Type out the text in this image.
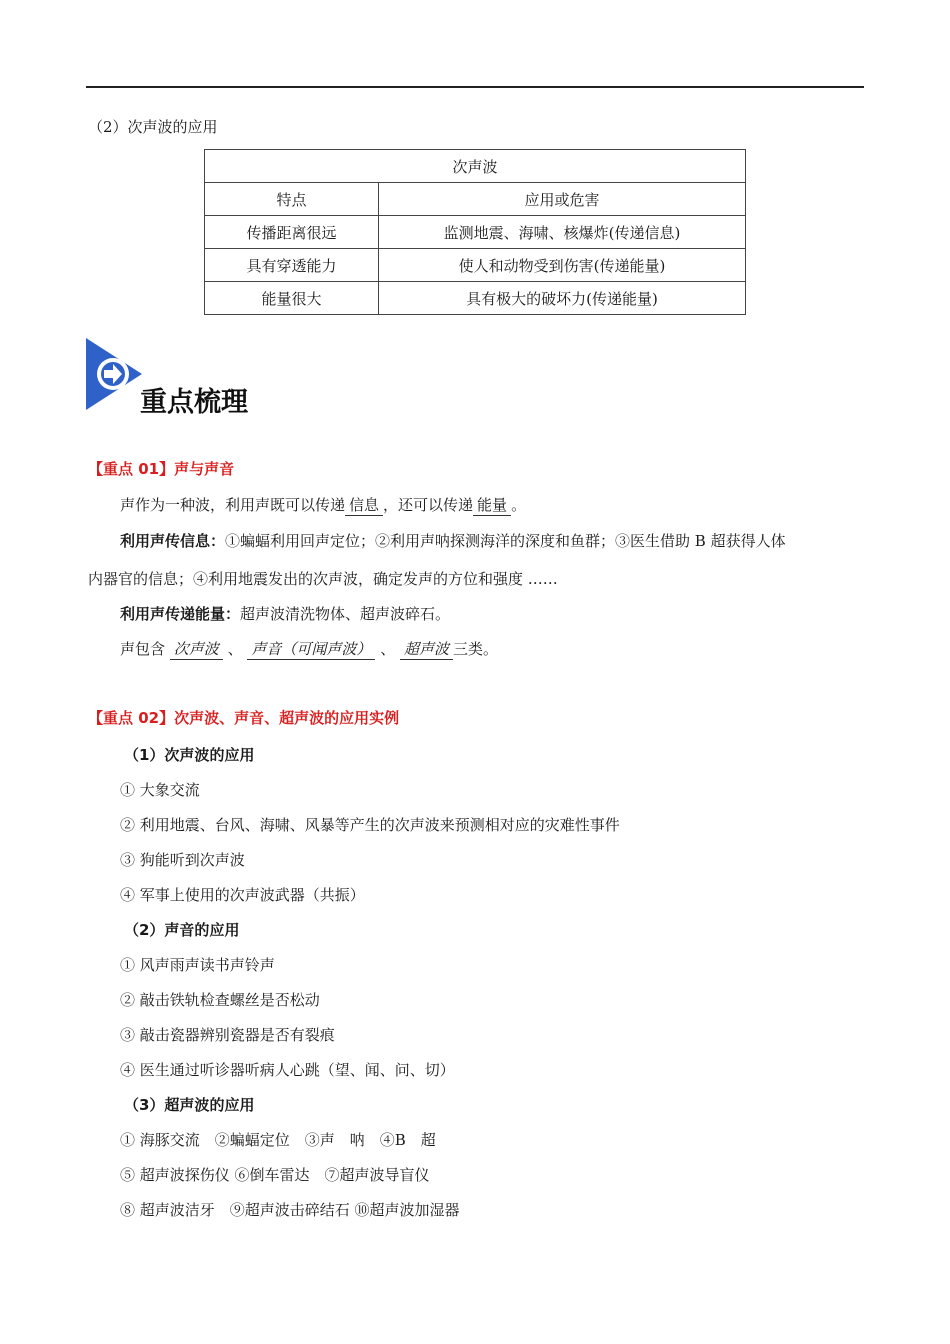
（2）次声波的应用
次声波	
特点	应用或危害
传播距离很远	监测地震、海啸、核爆炸(传递信息)
具有穿透能力	使人和动物受到伤害(传递能量)
能量很大	具有极大的破坏力(传递能量)
重点梳理
【重点 01】声与声音
声作为一种波，利用声既可以传递 信息 ，还可以传递 能量 。
利用声传信息：①蝙蝠利用回声定位；②利用声呐探测海洋的深度和鱼群；③医生借助 B 超获得人体
内器官的信息；④利用地震发出的次声波，确定发声的方位和强度 ……
利用声传递能量：超声波清洗物体、超声波碎石。
声包含 次声波 、 声音（可闻声波） 、 超声波 三类。
【重点 02】次声波、声音、超声波的应用实例
（1）次声波的应用
① 大象交流
② 利用地震、台风、海啸、风暴等产生的次声波来预测相对应的灾难性事件
③ 狗能听到次声波
④ 军事上使用的次声波武器（共振）
（2）声音的应用
① 风声雨声读书声铃声
② 敲击铁轨检查螺丝是否松动
③ 敲击瓷器辨别瓷器是否有裂痕
④ 医生通过听诊器听病人心跳（望、闻、问、切）
（3）超声波的应用
① 海豚交流　②蝙蝠定位　③声　呐　④B　超
⑤ 超声波探伤仪 ⑥倒车雷达　⑦超声波导盲仪
⑧ 超声波洁牙　⑨超声波击碎结石 ⑩超声波加湿器
